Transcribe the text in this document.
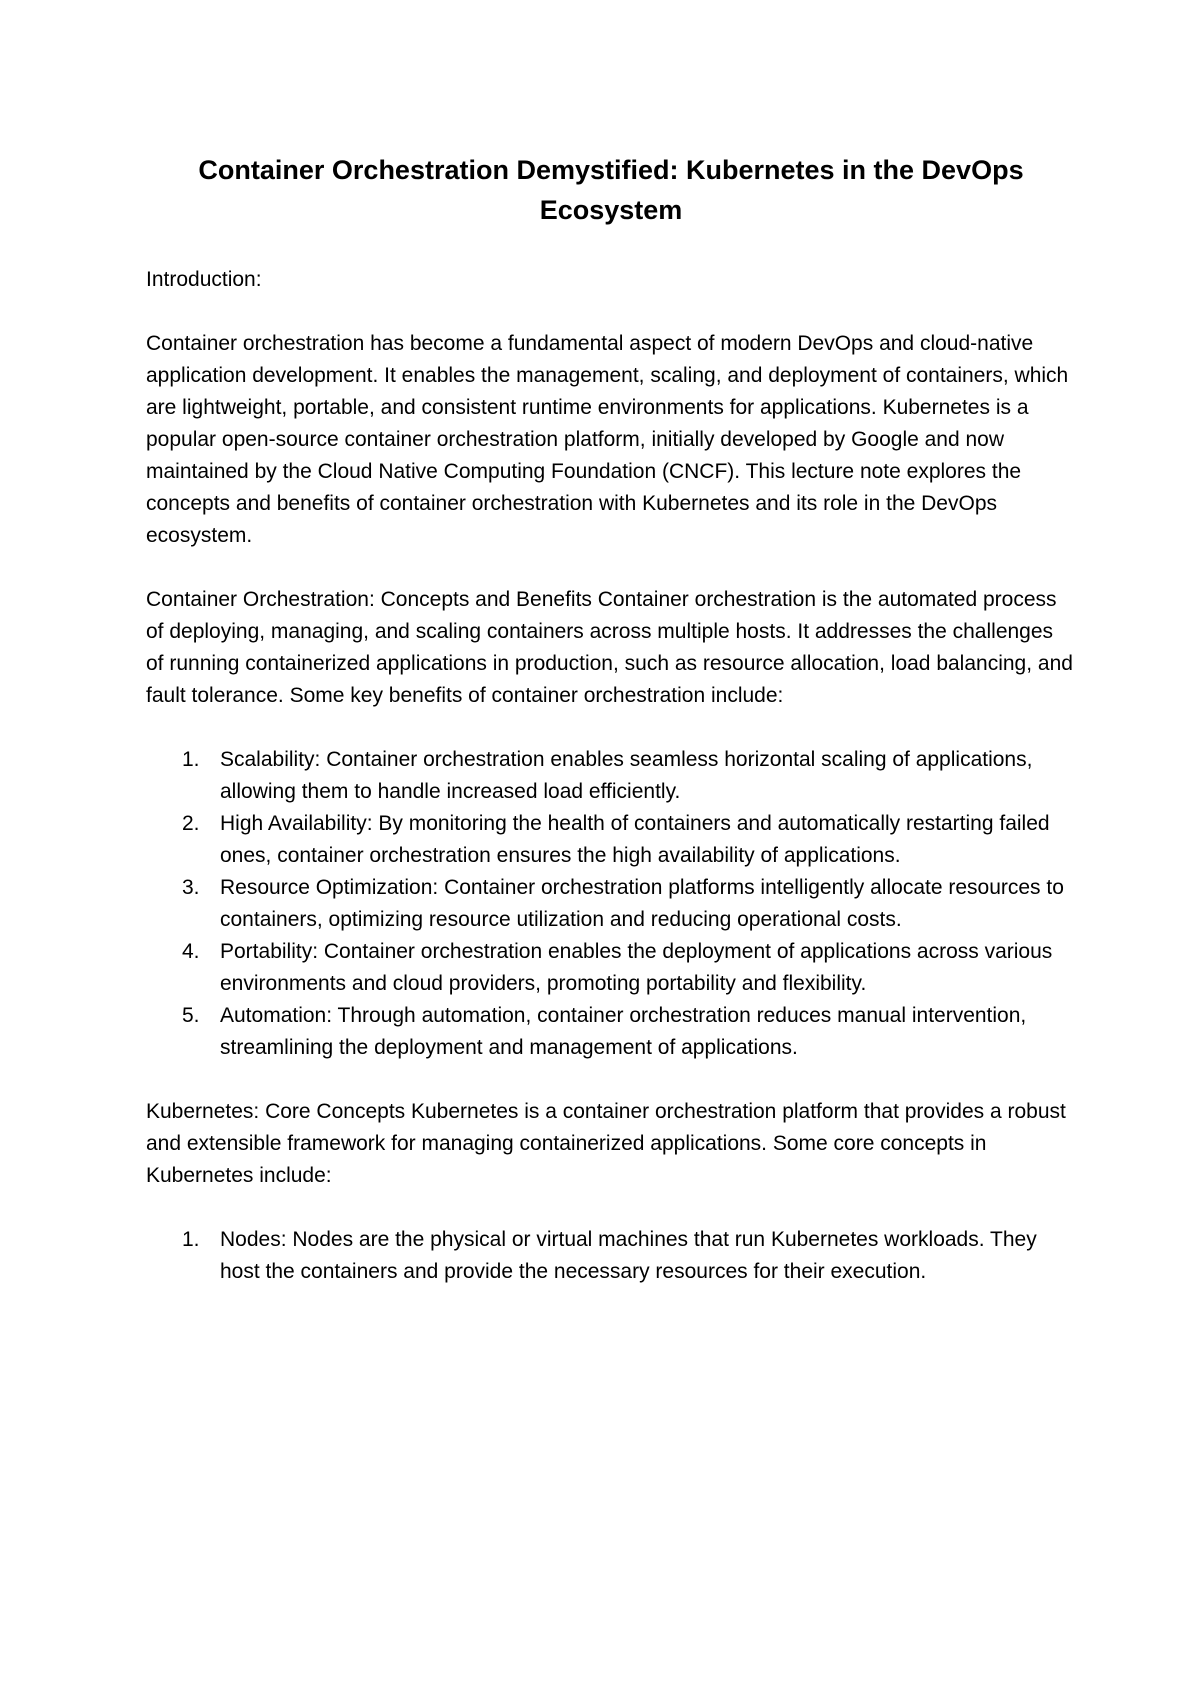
Container Orchestration Demystified: Kubernetes in the DevOps Ecosystem

Introduction:

Container orchestration has become a fundamental aspect of modern DevOps and cloud-native application development. It enables the management, scaling, and deployment of containers, which are lightweight, portable, and consistent runtime environments for applications. Kubernetes is a popular open-source container orchestration platform, initially developed by Google and now maintained by the Cloud Native Computing Foundation (CNCF). This lecture note explores the concepts and benefits of container orchestration with Kubernetes and its role in the DevOps ecosystem.

Container Orchestration: Concepts and Benefits Container orchestration is the automated process of deploying, managing, and scaling containers across multiple hosts. It addresses the challenges of running containerized applications in production, such as resource allocation, load balancing, and fault tolerance. Some key benefits of container orchestration include:

1. Scalability: Container orchestration enables seamless horizontal scaling of applications, allowing them to handle increased load efficiently.
2. High Availability: By monitoring the health of containers and automatically restarting failed ones, container orchestration ensures the high availability of applications.
3. Resource Optimization: Container orchestration platforms intelligently allocate resources to containers, optimizing resource utilization and reducing operational costs.
4. Portability: Container orchestration enables the deployment of applications across various environments and cloud providers, promoting portability and flexibility.
5. Automation: Through automation, container orchestration reduces manual intervention, streamlining the deployment and management of applications.

Kubernetes: Core Concepts Kubernetes is a container orchestration platform that provides a robust and extensible framework for managing containerized applications. Some core concepts in Kubernetes include:

1. Nodes: Nodes are the physical or virtual machines that run Kubernetes workloads. They host the containers and provide the necessary resources for their execution.
